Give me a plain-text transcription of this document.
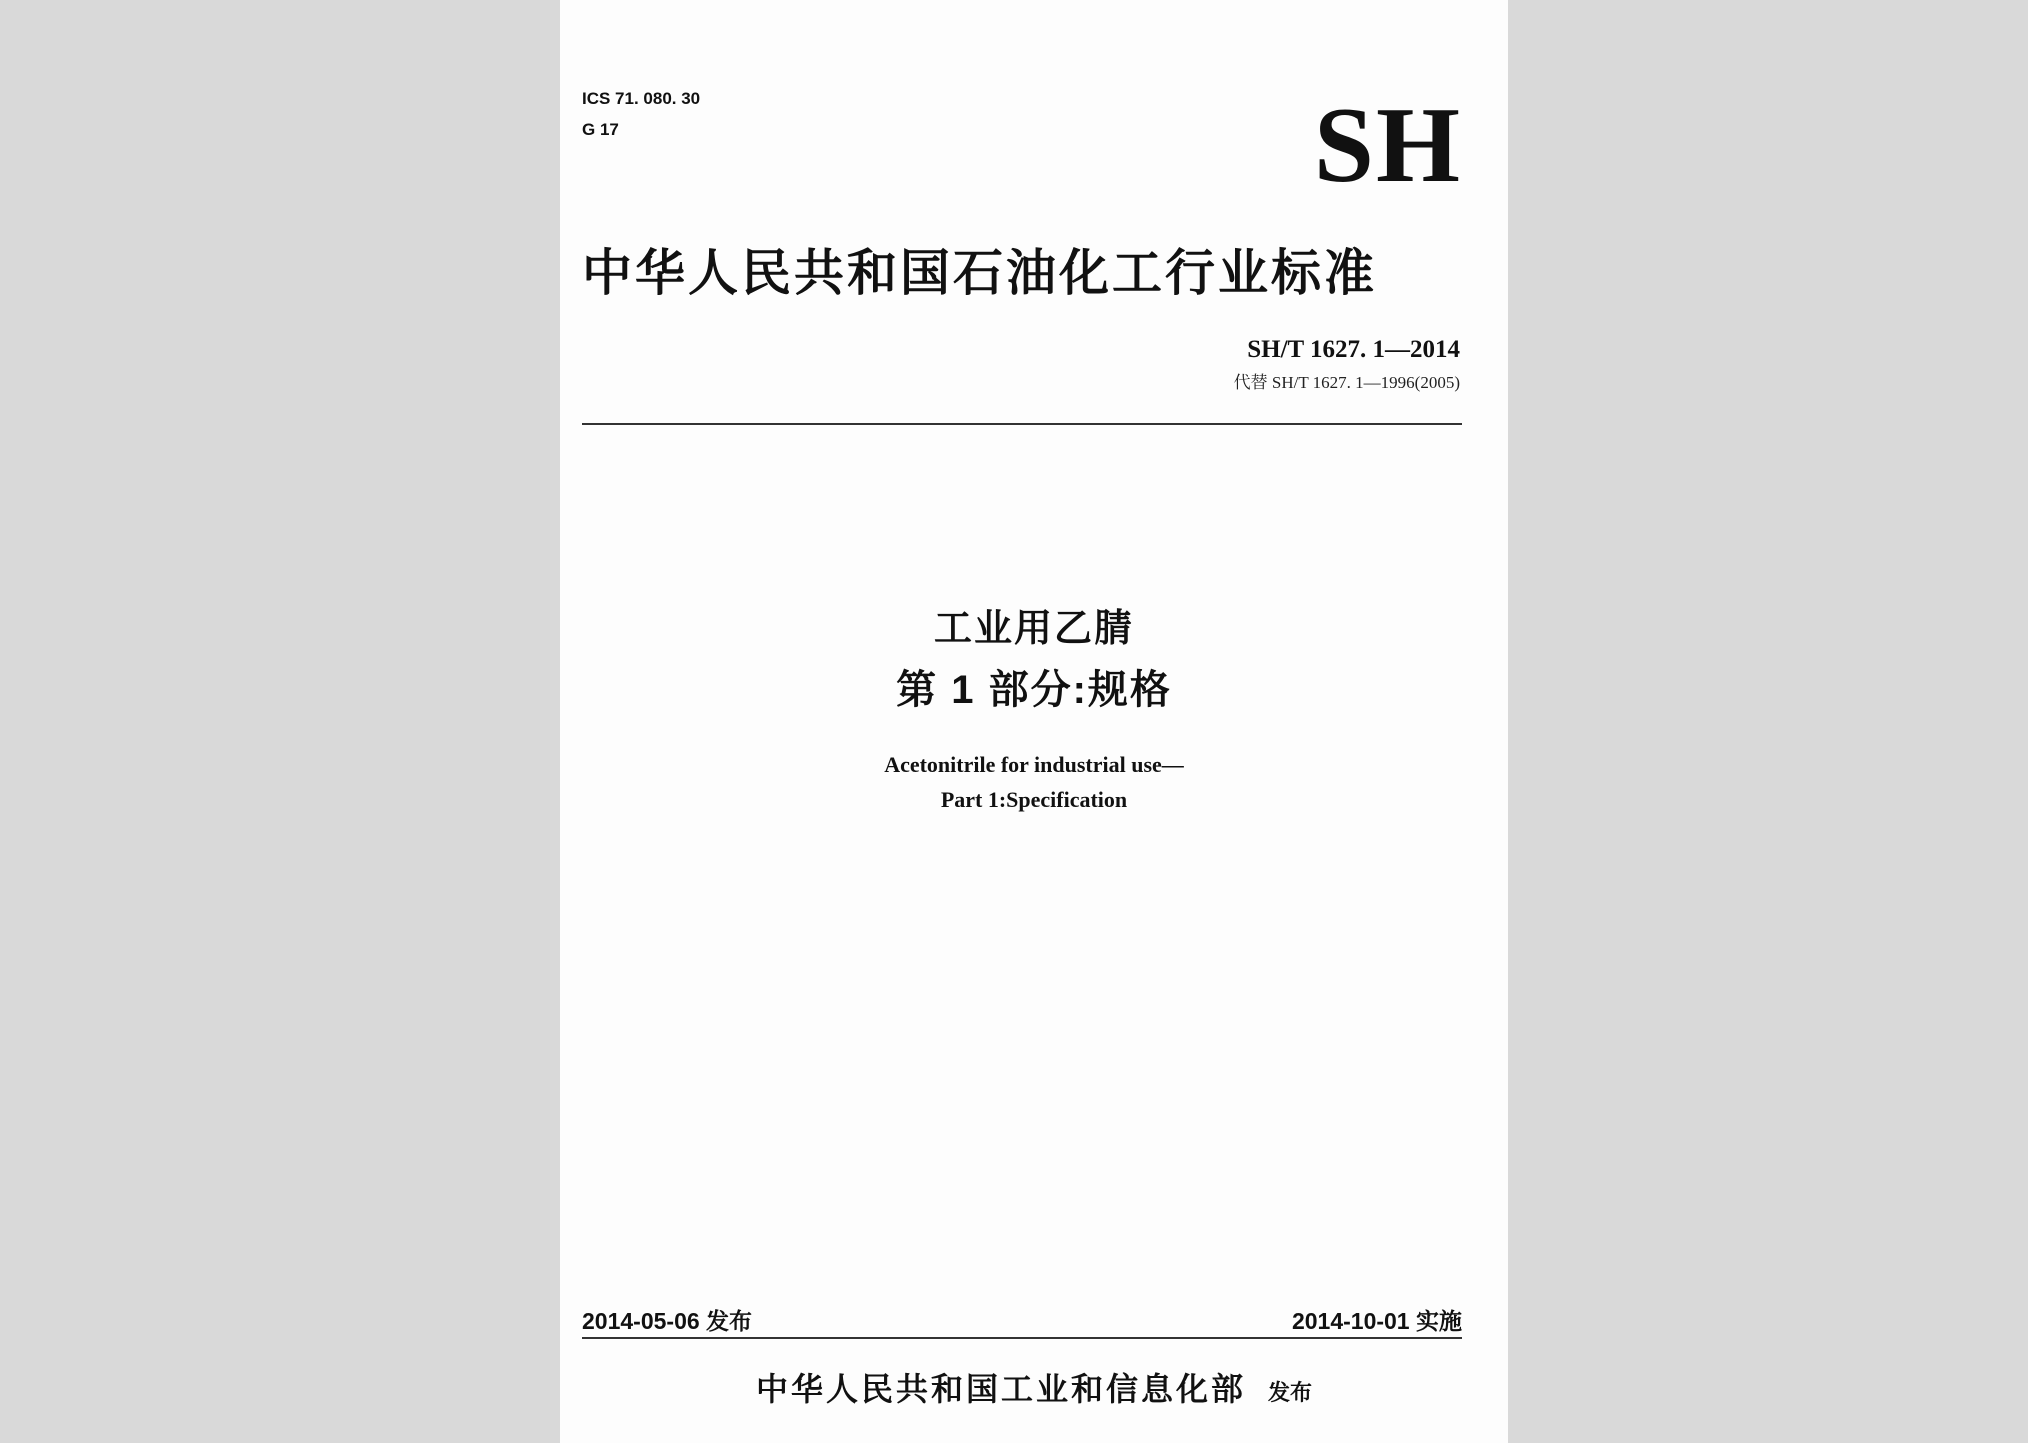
ICS 71. 080. 30
G 17	SH
中华人民共和国石油化工行业标准
SH/T 1627. 1—2014
代替 SH/T 1627. 1—1996(2005)
工业用乙腈
第 1 部分:规格
Acetonitrile for industrial use—
Part 1:Specification
2014-05-06 发布	2014-10-01 实施
中华人民共和国工业和信息化部 发布
